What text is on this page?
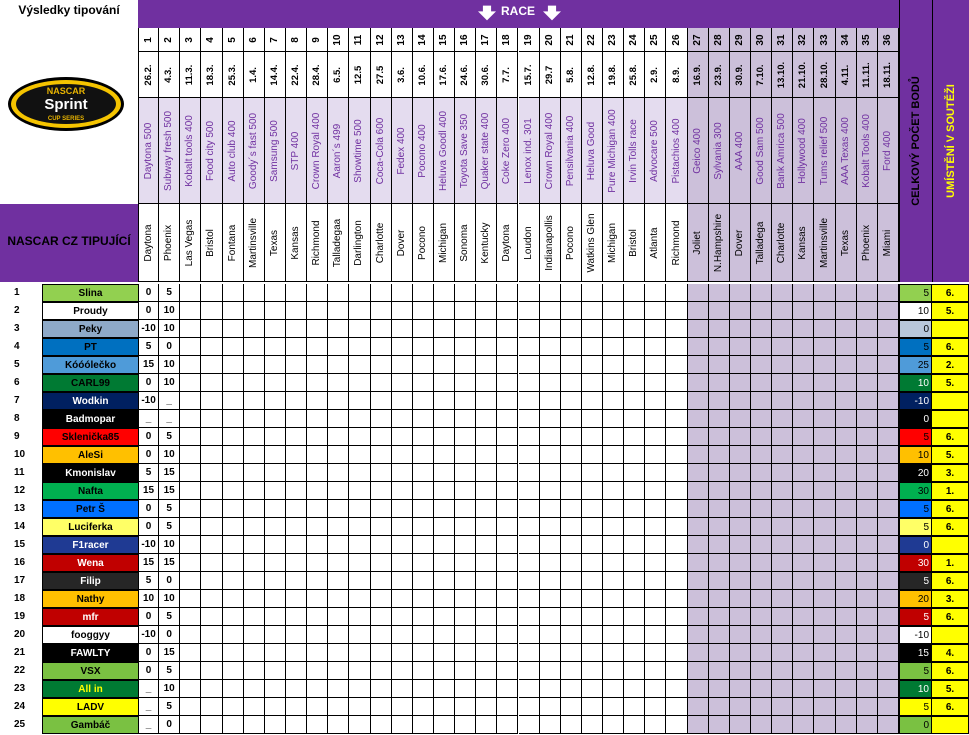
Výsledky tipování
NASCAR
Sprint
CUP SERIES
NASCAR CZ TIPUJÍCÍ
RACE
1
26.2.
Daytona 500
Daytona
2
4.3.
Subway fresh 500
Phoenix
3
11.3.
Kobalt tools 400
Las Vegas
4
18.3.
Food city 500
Bristol
5
25.3.
Auto club 400
Fontana
6
1.4.
Goody´s fast 500
Martinsville
7
14.4.
Samsung 500
Texas
8
22.4.
STP 400
Kansas
9
28.4.
Crown Royal 400
Richmond
10
6.5.
Aaron´s 499
Talladegaa
11
12.5
Showtime 500
Darlington
12
27.5
Coca-Cola 600
Charlotte
13
3.6.
Fedex 400
Dover
14
10.6.
Pocono 400
Pocono
15
17.6.
Heluva Goodl 400
Michigan
16
24.6.
Toyota Save 350
Sonoma
17
30.6.
Quaker state 400
Kentucky
18
7.7.
Coke Zero 400
Daytona
19
15.7.
Lenox ind. 301
Loudon
20
29.7
Crown Royal 400
Indianapollis
21
5.8.
Pensilvania 400
Pocono
22
12.8.
Heluva Good
Watkins Glen
23
19.8.
Pure Michigan 400
Michigan
24
25.8.
Irvin Tolls race
Bristol
25
2.9.
Advocare 500
Atlanta
26
8.9.
Pistachios 400
Richmond
27
16.9.
Geico 400
Joliet
28
23.9.
Sylvania 300
N.Hampshire
29
30.9.
AAA 400
Dover
30
7.10.
Good Sam 500
Talladega
31
13.10.
Bank Amrica 500
Charlotte
32
21.10.
Hollywood 400
Kansas
33
28.10.
Tums relief 500
Martinsville
34
4.11.
AAA Texas 400
Texas
35
11.11.
Kobalt Tools 400
Phoenix
36
18.11.
Ford 400
Miami
CELKOVÝ POČET BODŮ UMÍSTĚNÍ V SOUTĚŽI
1	Slina	0	5	5	6.
2	Proudy	0	10	10	5.
3	Peky	-10 10	0
4	PT	5	0	5	6.
5	Kóóólečko	15 10	25	2.
6	CARL99	0	10	10	5.
7	Wodkin	-10	_	-10
8	Badmopar	_	_	0
9	Skleničkа85	0	5	5	6.
10	AleSi	0	10	10	5.
11	Kmonislav	5	15	20	3.
12	Nafta	15 15	30	1.
13	Petr Š	0	5	5	6.
14	Luciferka	0	5	5	6.
15	F1racer	-10 10	0
16	Wena	15 15	30	1.
17	Filip	5	0	5	6.
18	Nathy	10 10	20	3.
19	mfr	0	5	5	6.
20	fooggyy	-10	0	-10
21	FAWLTY	0	15	15	4.
22	VSX	0	5	5	6.
23	All in	_	10	10	5.
24	LADV	_	5	5	6.
25	Gambáč	_	0	0
